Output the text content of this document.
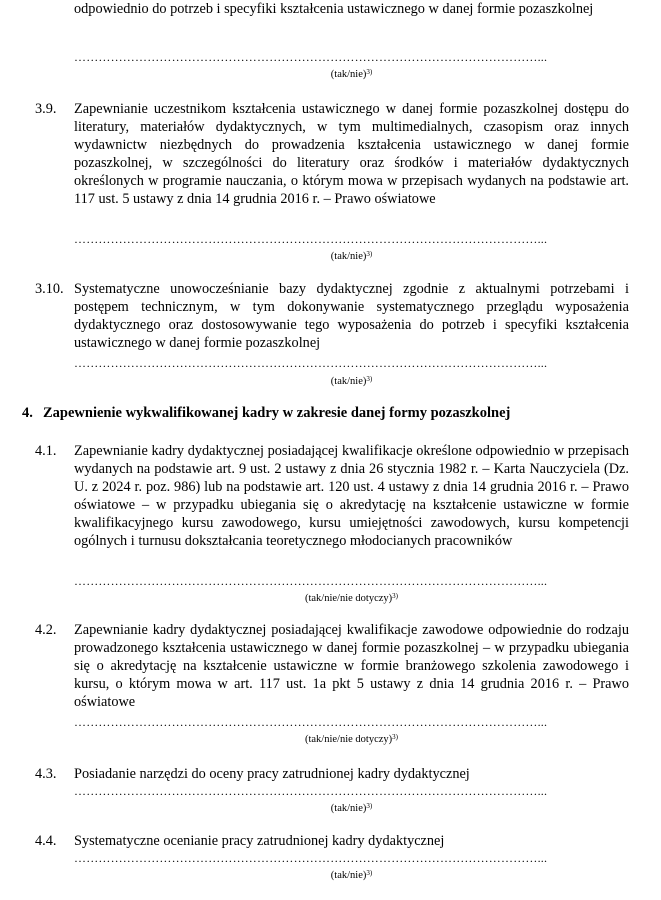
odpowiednio do potrzeb i specyfiki kształcenia ustawicznego w danej formie pozaszkolnej
……………………………………………………………………………………………………...
$(tak/nie)^{3)}$
3.9. Zapewnianie uczestnikom kształcenia ustawicznego w danej formie pozaszkolnej dostępu do literatury, materiałów dydaktycznych, w tym multimedialnych, czasopism oraz innych wydawnictw niezbędnych do prowadzenia kształcenia ustawicznego w danej formie pozaszkolnej, w szczególności do literatury oraz środków i materiałów dydaktycznych określonych w programie nauczania, o którym mowa w przepisach wydanych na podstawie art. 117 ust. 5 ustawy z dnia 14 grudnia 2016 r. – Prawo oświatowe
……………………………………………………………………………………………………...
$(tak/nie)^{3)}$
3.10. Systematyczne unowocześnianie bazy dydaktycznej zgodnie z aktualnymi potrzebami i postępem technicznym, w tym dokonywanie systematycznego przeglądu wyposażenia dydaktycznego oraz dostosowywanie tego wyposażenia do potrzeb i specyfiki kształcenia ustawicznego w danej formie pozaszkolnej
……………………………………………………………………………………………………...
$(tak/nie)^{3)}$
4. Zapewnienie wykwalifikowanej kadry w zakresie danej formy pozaszkolnej
4.1. Zapewnianie kadry dydaktycznej posiadającej kwalifikacje określone odpowiednio w przepisach wydanych na podstawie art. 9 ust. 2 ustawy z dnia 26 stycznia 1982 r. – Karta Nauczyciela (Dz. U. z 2024 r. poz. 986) lub na podstawie art. 120 ust. 4 ustawy z dnia 14 grudnia 2016 r. – Prawo oświatowe – w przypadku ubiegania się o akredytację na kształcenie ustawiczne w formie kwalifikacyjnego kursu zawodowego, kursu umiejętności zawodowych, kursu kompetencji ogólnych i turnusu dokształcania teoretycznego młodocianych pracowników
……………………………………………………………………………………………………...
(tak/nie/nie dotyczy)$^{3)}$
4.2. Zapewnianie kadry dydaktycznej posiadającej kwalifikacje zawodowe odpowiednie do rodzaju prowadzonego kształcenia ustawicznego w danej formie pozaszkolnej – w przypadku ubiegania się o akredytację na kształcenie ustawiczne w formie branżowego szkolenia zawodowego i kursu, o którym mowa w art. 117 ust. 1a pkt 5 ustawy z dnia 14 grudnia 2016 r. – Prawo oświatowe
……………………………………………………………………………………………………...
(tak/nie/nie dotyczy)$^{3)}$
4.3. Posiadanie narzędzi do oceny pracy zatrudnionej kadry dydaktycznej
……………………………………………………………………………………………………...
$(tak/nie)^{3)}$
4.4. Systematyczne ocenianie pracy zatrudnionej kadry dydaktycznej
……………………………………………………………………………………………………...
$(tak/nie)^{3)}$
